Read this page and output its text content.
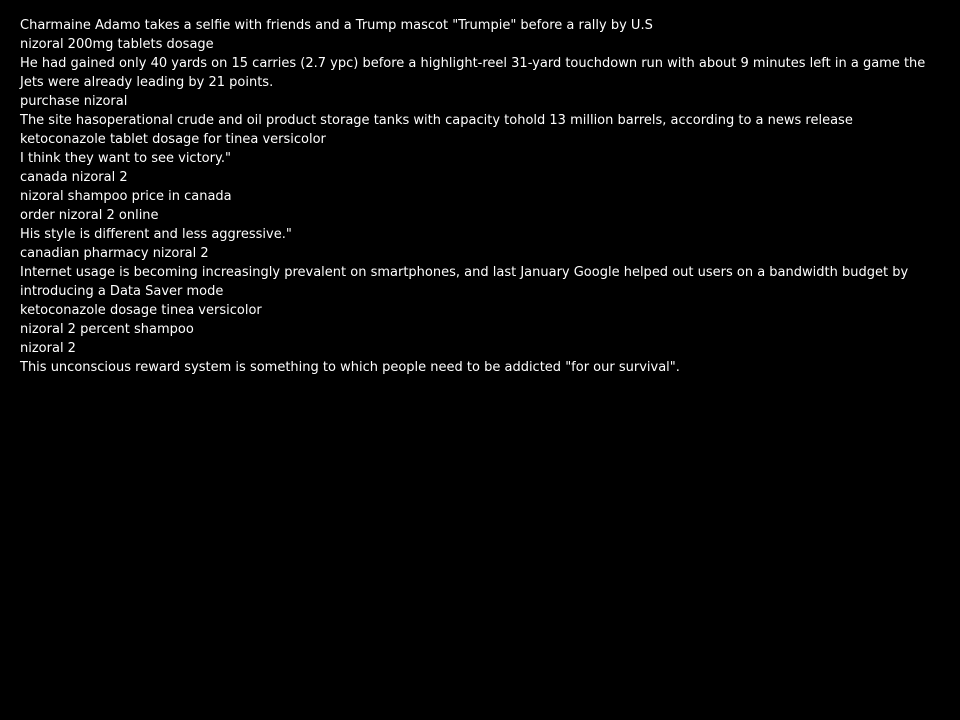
Charmaine Adamo takes a selfie with friends and a Trump mascot "Trumpie" before a rally by U.S

nizoral 200mg tablets dosage

He had gained only 40 yards on 15 carries (2.7 ypc) before a highlight-reel 31-yard touchdown run with about 9 minutes left in a game the Jets were already leading by 21 points.

purchase nizoral

The site hasoperational crude and oil product storage tanks with capacity tohold 13 million barrels, according to a news release

ketoconazole tablet dosage for tinea versicolor

I think they want to see victory."

canada nizoral 2

nizoral shampoo price in canada

order nizoral 2 online

His style is different and less aggressive."

canadian pharmacy nizoral 2

Internet usage is becoming increasingly prevalent on smartphones, and last January Google helped out users on a bandwidth budget by introducing a Data Saver mode

ketoconazole dosage tinea versicolor

nizoral 2 percent shampoo

nizoral 2

This unconscious reward system is something to which people need to be addicted "for our survival".
